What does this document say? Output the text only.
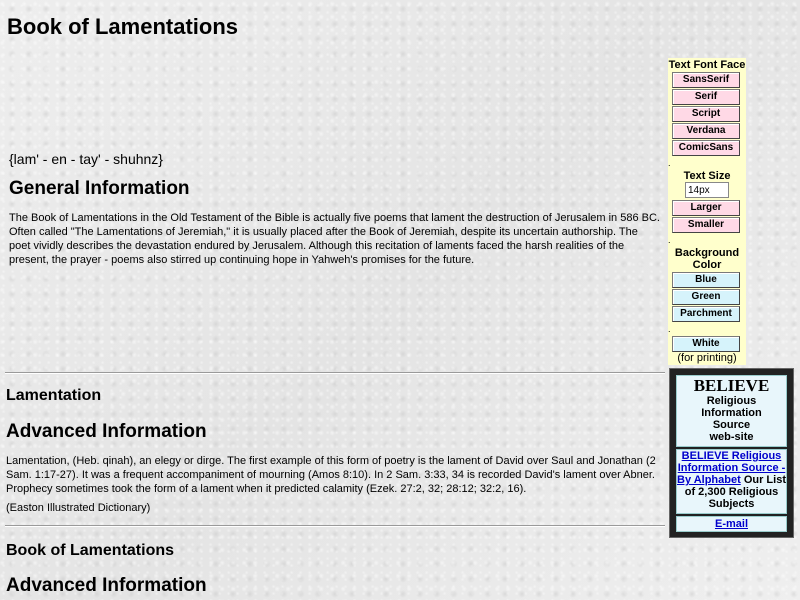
Book of Lamentations
{lam' - en - tay' - shuhnz}
General Information

The Book of Lamentations in the Old Testament of the Bible is actually five poems that lament the destruction of Jerusalem in 586 BC. Often called "The Lamentations of Jeremiah," it is usually placed after the Book of Jeremiah, despite its uncertain authorship. The poet vividly describes the devastation endured by Jerusalem. Although this recitation of laments faced the harsh realities of the present, the prayer - poems also stirred up continuing hope in Yahweh's promises for the future.

Lamentation
Advanced Information

Lamentation, (Heb. qinah), an elegy or dirge. The first example of this form of poetry is the lament of David over Saul and Jonathan (2 Sam. 1:17-27). It was a frequent accompaniment of mourning (Amos 8:10). In 2 Sam. 3:33, 34 is recorded David's lament over Abner. Prophecy sometimes took the form of a lament when it predicted calamity (Ezek. 27:2, 32; 28:12; 32:2, 16).

(Easton Illustrated Dictionary)

Book of Lamentations
Advanced Information
Text Font Face
SansSerif
Serif
Script
Verdana
ComicSans
.
Text Size
14px
Larger
Smaller
.
Background
Color
Blue
Green
Parchment
.
White
(for printing)
BELIEVE
Religious
Information
Source
web-site
BELIEVE Religious Information Source - By Alphabet Our List of 2,300 Religious Subjects
E-mail
